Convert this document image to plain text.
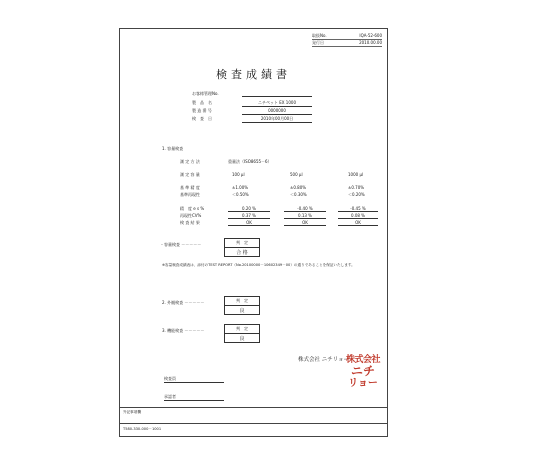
取扱No.	IQA-52-600
発行日	2010.00.00
検査成績書
お客様管理No.
製　品　名	ニチペット EX 1000
製 造 番 号	0000000
検　査　日	2010年00月00日
1. 容量検査
測 定 方 法	重量法（ISO8655－6）
測 定 容 量	100 μl	500 μl	1000 μl
基 準 精 度	±1.00%	±0.80%	±0.70%
基準再現性	＜0.50%	＜0.30%	＜0.20%
精　度 e s %	0.20 %	-0.40 %	-0.45 %
再現性CV%	0.37 %	0.13 %	0.08 %
検 査 結 果	OK	OK	OK
・容量検査 －－－－－	判　定
合 格
※容量検査成績表は、添付のTEST REPORT（No.20100000－10602349－00）の通りであることを保証いたします。
2. 外観検査 －－－－－	判　定
良
3. 機能検査 －－－－－	判　定
良
株式会社 ニチリョー
株式会社
ニチ
リョー
検査員
承認者
外記事項欄
T580-330-000－1001
